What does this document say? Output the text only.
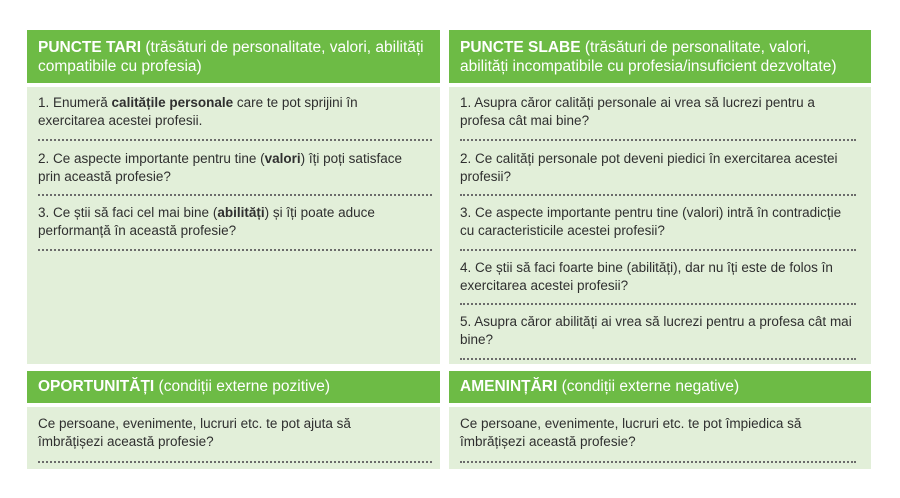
PUNCTE TARI (trăsături de personalitate, valori, abilități compatibile cu profesia)
1. Enumeră calitățile personale care te pot sprijini în exercitarea acestei profesii.
2. Ce aspecte importante pentru tine (valori) îți poți satisface prin această profesie?
3. Ce știi să faci cel mai bine (abilități) și îți poate aduce performanță în această profesie?
PUNCTE SLABE (trăsături de personalitate, valori, abilități incompatibile cu profesia/insuficient dezvoltate)
1. Asupra căror calități personale ai vrea să lucrezi pentru a profesa cât mai bine?
2. Ce calități personale pot deveni piedici în exercitarea acestei profesii?
3. Ce aspecte importante pentru tine (valori) intră în contradicție cu caracteristicile acestei profesii?
4. Ce știi să faci foarte bine (abilități), dar nu îți este de folos în exercitarea acestei profesii?
5. Asupra căror abilități ai vrea să lucrezi pentru a profesa cât mai bine?
OPORTUNITĂȚI (condiții externe pozitive)
Ce persoane, evenimente, lucruri etc. te pot ajuta să îmbrățișezi această profesie?
AMENINȚĂRI (condiții externe negative)
Ce persoane, evenimente, lucruri etc. te pot împiedica să îmbrățișezi această profesie?
